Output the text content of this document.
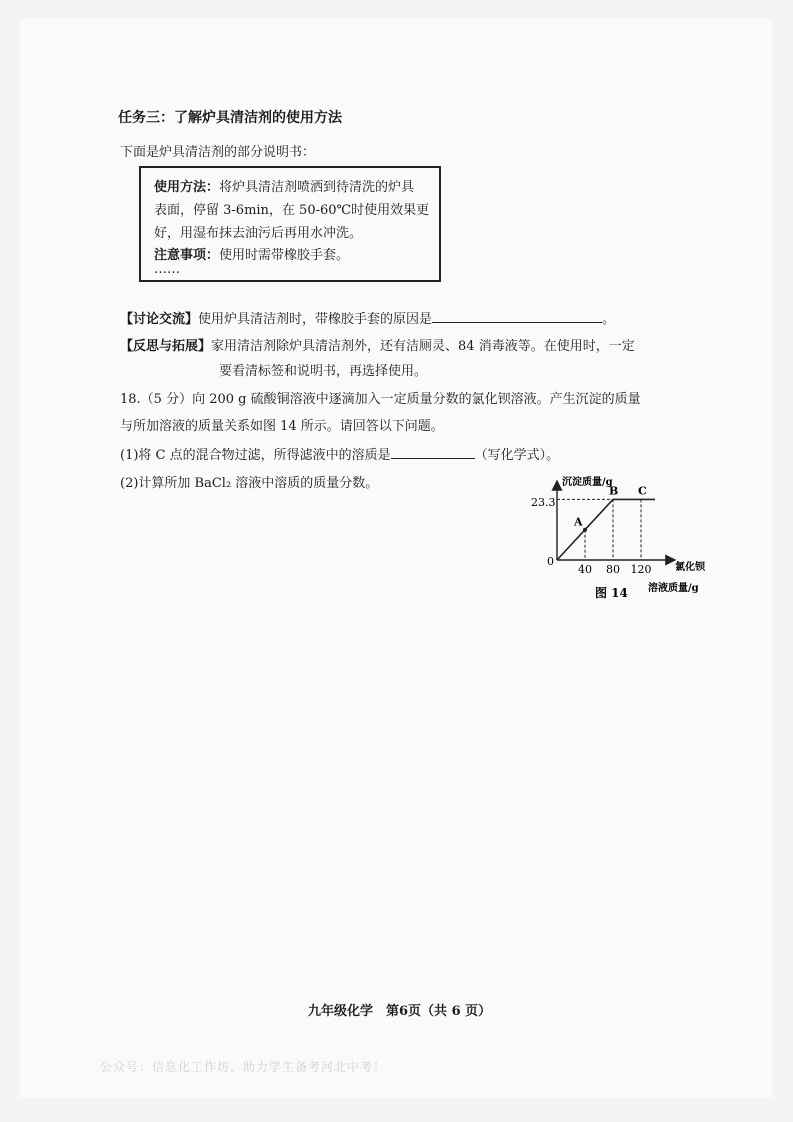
任务三：了解炉具清洁剂的使用方法
下面是炉具清洁剂的部分说明书：
使用方法：将炉具清洁剂喷洒到待清洗的炉具
表面，停留 3-6min，在 50-60℃时使用效果更
好，用湿布抹去油污后再用水冲洗。
注意事项：使用时需带橡胶手套。
……
【讨论交流】使用炉具清洁剂时，带橡胶手套的原因是	。
【反思与拓展】家用清洁剂除炉具清洁剂外，还有洁厕灵、84 消毒液等。在使用时，一定
要看清标签和说明书，再选择使用。
18.（5 分）向 200 g 硫酸铜溶液中逐滴加入一定质量分数的氯化钡溶液。产生沉淀的质量
与所加溶液的质量关系如图 14 所示。请回答以下问题。
(1)将 C 点的混合物过滤，所得滤液中的溶质是	（写化学式）。
(2)计算所加 BaCl₂ 溶液中溶质的质量分数。	沉淀质量/g
氯化钡
溶液质量/g
0
23.3
图 14
A
B C
40 80 120
九年级化学　第6页（共 6 页）
公众号：信息化工作坊，助力学生备考河北中考！
